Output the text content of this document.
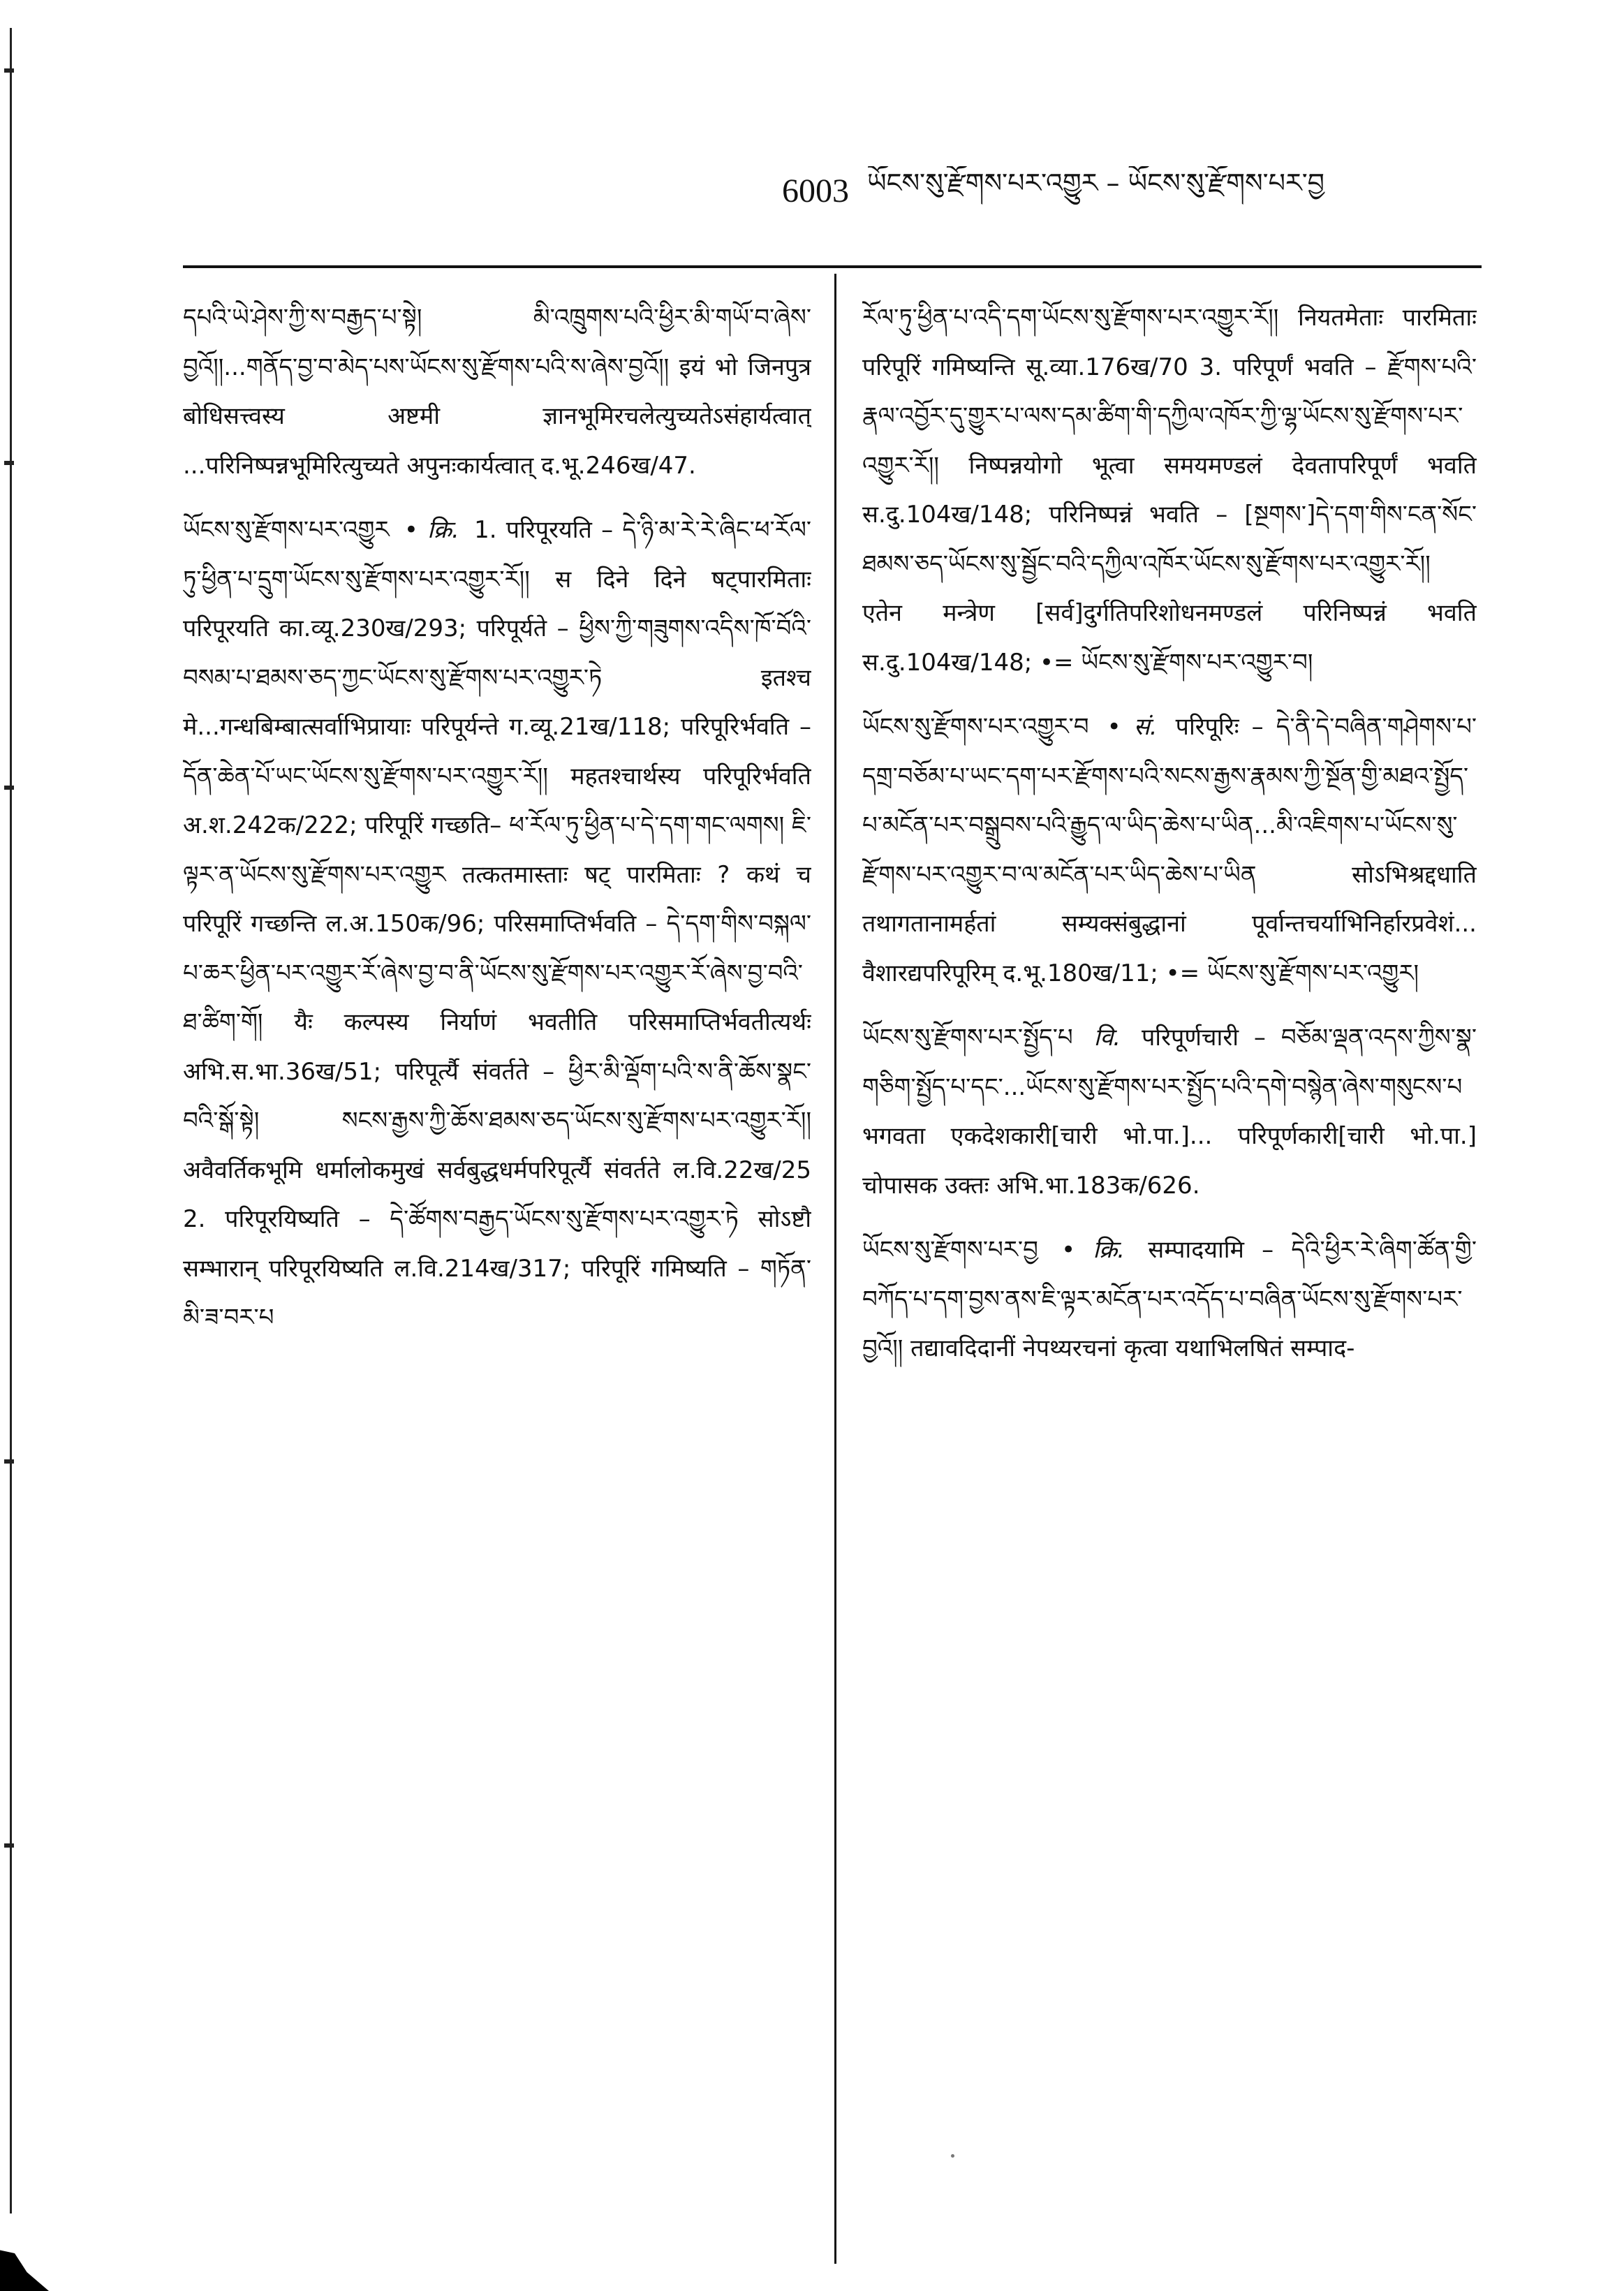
6003 ཡོངས་སུ་རྫོགས་པར་འགྱུར – ཡོངས་སུ་རྫོགས་པར་བྱ

དཔའི་ཡེ་ཤེས་ཀྱི་ས་བརྒྱད་པ་སྟེ། མི་འཁྲུགས་པའི་ཕྱིར་མི་གཡོ་བ་ཞེས་བྱའོ།།...གནོད་བྱ་བ་མེད་པས་ཡོངས་སུ་རྫོགས་པའི་ས་ཞེས་བྱའོ།། इयं भो जिनपुत्र बोधिसत्त्वस्य अष्टमी ज्ञानभूमिरचलेत्युच्यतेऽसंहार्यत्वात् ...परिनिष्पन्नभूमिरित्युच्यते अपुनःकार्यत्वात् द.भू.246ख/47.

ཡོངས་སུ་རྫོགས་པར་འགྱུར • क्रि. 1. परिपूरयति – དེ་ཉི་མ་རེ་རེ་ཞིང་ཕ་རོལ་ཏུ་ཕྱིན་པ་དྲུག་ཡོངས་སུ་རྫོགས་པར་འགྱུར་རོ།། स दिने दिने षट्पारमिताः परिपूरयति का.व्यू.230ख/293; परिपूर्यते – ཕྱིས་ཀྱི་གཟུགས་འདིས་ཁོ་བོའི་བསམ་པ་ཐམས་ཅད་ཀྱང་ཡོངས་སུ་རྫོགས་པར་འགྱུར་ཏེ इतश्च मे...गन्धबिम्बात्सर्वाभिप्रायाः परिपूर्यन्ते ग.व्यू.21ख/118; परिपूरिर्भवति – དོན་ཆེན་པོ་ཡང་ཡོངས་སུ་རྫོགས་པར་འགྱུར་རོ།། महतश्चार्थस्य परिपूरिर्भवति अ.श.242क/222; परिपूरिं गच्छति– ཕ་རོལ་ཏུ་ཕྱིན་པ་དེ་དག་གང་ལགས། ཇི་ལྟར་ན་ཡོངས་སུ་རྫོགས་པར་འགྱུར तत्कतमास्ताः षट् पारमिताः ? कथं च परिपूरिं गच्छन्ति ल.अ.150क/96; परिसमाप्तिर्भवति – དེ་དག་གིས་བསྐལ་པ་ཆར་ཕྱིན་པར་འགྱུར་རོ་ཞེས་བྱ་བ་ནི་ཡོངས་སུ་རྫོགས་པར་འགྱུར་རོ་ཞེས་བྱ་བའི་ཐ་ཚིག་གོ། यैः कल्पस्य निर्याणं भवतीति परिसमाप्तिर्भवतीत्यर्थः अभि.स.भा.36ख/51; परिपूर्त्यै संवर्तते – ཕྱིར་མི་ལྡོག་པའི་ས་ནི་ཆོས་སྣང་བའི་སྒོ་སྟེ། སངས་རྒྱས་ཀྱི་ཆོས་ཐམས་ཅད་ཡོངས་སུ་རྫོགས་པར་འགྱུར་རོ།། अवैवर्तिकभूमि धर्मालोकमुखं सर्वबुद्धधर्मपरिपूर्त्यै संवर्तते ल.वि.22ख/25 2. परिपूरयिष्यति – དེ་ཚོགས་བརྒྱད་ཡོངས་སུ་རྫོགས་པར་འགྱུར་ཏེ सोऽष्टौ सम्भारान् परिपूरयिष्यति ल.वि.214ख/317; परिपूरिं गमिष्यति – གཏོན་མི་ཟ་བར་པ

རོལ་ཏུ་ཕྱིན་པ་འདི་དག་ཡོངས་སུ་རྫོགས་པར་འགྱུར་རོ།། नियतमेताः पारमिताः परिपूरिं गमिष्यन्ति सू.व्या.176ख/70 3. परिपूर्णं भवति – རྫོགས་པའི་རྣལ་འབྱོར་དུ་གྱུར་པ་ལས་དམ་ཚིག་གི་དཀྱིལ་འཁོར་ཀྱི་ལྷ་ཡོངས་སུ་རྫོགས་པར་འགྱུར་རོ།། निष्पन्नयोगो भूत्वा समयमण्डलं देवतापरिपूर्णं भवति स.दु.104ख/148; परिनिष्पन्नं भवति – [སྔགས་]དེ་དག་གིས་ངན་སོང་ཐམས་ཅད་ཡོངས་སུ་སྦྱོང་བའི་དཀྱིལ་འཁོར་ཡོངས་སུ་རྫོགས་པར་འགྱུར་རོ།། एतेन मन्त्रेण [सर्व]दुर्गतिपरिशोधनमण्डलं परिनिष्पन्नं भवति स.दु.104ख/148; •= ཡོངས་སུ་རྫོགས་པར་འགྱུར་བ།

ཡོངས་སུ་རྫོགས་པར་འགྱུར་བ • सं. परिपूरिः – དེ་ནི་དེ་བཞིན་གཤེགས་པ་དགྲ་བཅོམ་པ་ཡང་དག་པར་རྫོགས་པའི་སངས་རྒྱས་རྣམས་ཀྱི་སྔོན་གྱི་མཐའ་སྤྱོད་པ་མངོན་པར་བསྒྲུབས་པའི་རྒྱུད་ལ་ཡིད་ཆེས་པ་ཡིན...མི་འཇིགས་པ་ཡོངས་སུ་རྫོགས་པར་འགྱུར་བ་ལ་མངོན་པར་ཡིད་ཆེས་པ་ཡིན सोऽभिश्रद्दधाति तथागतानामर्हतां सम्यक्संबुद्धानां पूर्वान्तचर्याभिनिर्हारप्रवेशं... वैशारद्यपरिपूरिम् द.भू.180ख/11; •= ཡོངས་སུ་རྫོགས་པར་འགྱུར།

ཡོངས་སུ་རྫོགས་པར་སྤྱོད་པ वि. परिपूर्णचारी – བཅོམ་ལྡན་འདས་ཀྱིས་སྣ་གཅིག་སྤྱོད་པ་དང་...ཡོངས་སུ་རྫོགས་པར་སྤྱོད་པའི་དགེ་བསྙེན་ཞེས་གསུངས་པ भगवता एकदेशकारी[चारी भो.पा.]... परिपूर्णकारी[चारी भो.पा.] चोपासक उक्तः अभि.भा.183क/626.

ཡོངས་སུ་རྫོགས་པར་བྱ • क्रि. सम्पादयामि – དེའི་ཕྱིར་རེ་ཞིག་ཚོན་གྱི་བཀོད་པ་དག་བྱས་ནས་ཇི་ལྟར་མངོན་པར་འདོད་པ་བཞིན་ཡོངས་སུ་རྫོགས་པར་བྱའོ།། तद्यावदिदानीं नेपथ्यरचनां कृत्वा यथाभिलषितं सम्पाद-
